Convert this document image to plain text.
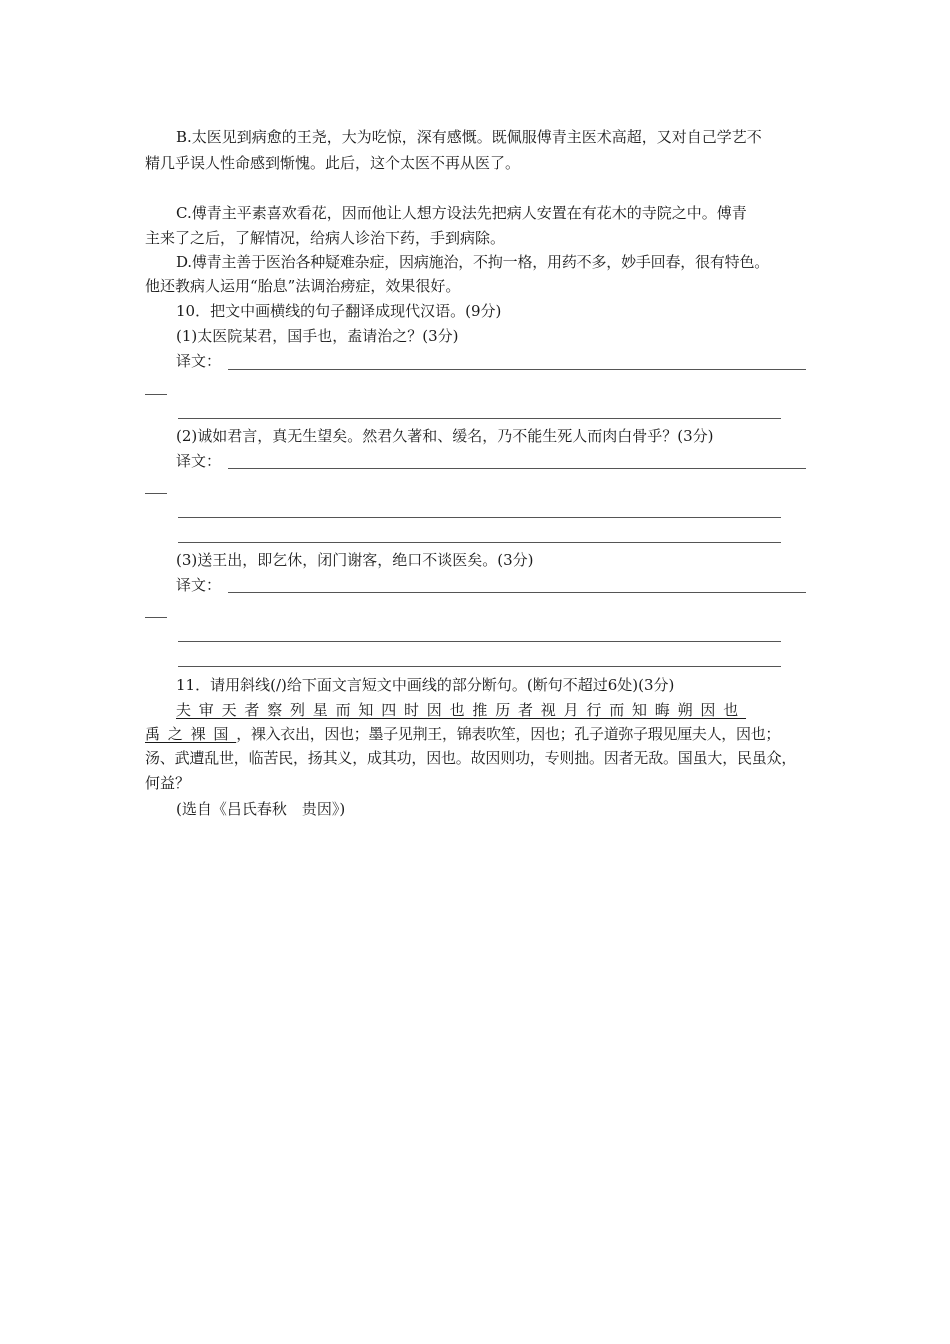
B.太医见到病愈的王尧，大为吃惊，深有感慨。既佩服傅青主医术高超，又对自己学艺不
精几乎误人性命感到惭愧。此后，这个太医不再从医了。
C.傅青主平素喜欢看花，因而他让人想方设法先把病人安置在有花木的寺院之中。傅青
主来了之后，了解情况，给病人诊治下药，手到病除。
D.傅青主善于医治各种疑难杂症，因病施治，不拘一格，用药不多，妙手回春，很有特色。
他还教病人运用“胎息”法调治痨症，效果很好。
10．把文中画横线的句子翻译成现代汉语。(9分)
(1)太医院某君，国手也，盍请治之？(3分)
译文：
(2)诚如君言，真无生望矣。然君久著和、缓名，乃不能生死人而肉白骨乎？(3分)
译文：
(3)送王出，即乞休，闭门谢客，绝口不谈医矣。(3分)
译文：
11．请用斜线(/)给下面文言短文中画线的部分断句。(断句不超过6处)(3分)
夫审天者察列星而知四时因也推历者视月行而知晦朔因也
禹之裸国，裸入衣出，因也；墨子见荆王，锦表吹笙，因也；孔子道弥子瑕见厘夫人，因也；
汤、武遭乱世，临苦民，扬其义，成其功，因也。故因则功，专则拙。因者无敌。国虽大，民虽众，
何益？
(选自《吕氏春秋　贵因》)
